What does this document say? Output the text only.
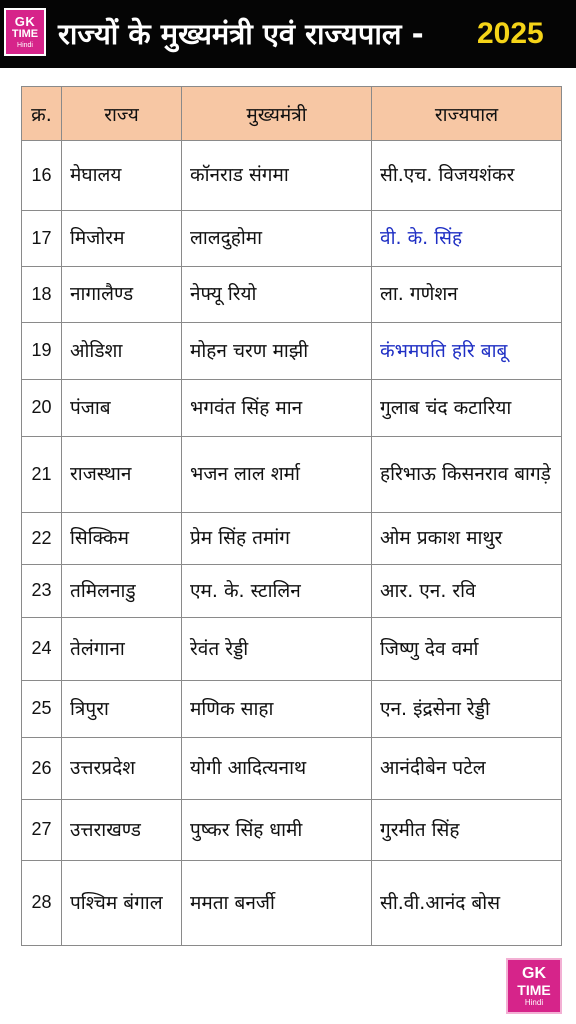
GK
TIME
Hindi राज्यों के मुख्यमंत्री एवं राज्यपाल - 2025
क्र.	राज्य	मुख्यमंत्री	राज्यपाल
16	मेघालय	कॉनराड संगमा	सी.एच. विजयशंकर
17	मिजोरम	लालदुहोमा	वी. के. सिंह
18	नागालैण्ड	नेफ्यू रियो	ला. गणेशन
19	ओडिशा	मोहन चरण माझी	कंभमपति हरि बाबू
20	पंजाब	भगवंत सिंह मान	गुलाब चंद कटारिया
21	राजस्थान	भजन लाल शर्मा	हरिभाऊ किसनराव बागड़े
22	सिक्किम	प्रेम सिंह तमांग	ओम प्रकाश माथुर
23	तमिलनाडु	एम. के. स्टालिन	आर. एन. रवि
24	तेलंगाना	रेवंत रेड्डी	जिष्णु देव वर्मा
25	त्रिपुरा	मणिक साहा	एन. इंद्रसेना रेड्डी
26	उत्तरप्रदेश	योगी आदित्यनाथ	आनंदीबेन पटेल
27	उत्तराखण्ड	पुष्कर सिंह धामी	गुरमीत सिंह
28	पश्चिम बंगाल	ममता बनर्जी	सी.वी.आनंद बोस
GK
TIME
Hindi
